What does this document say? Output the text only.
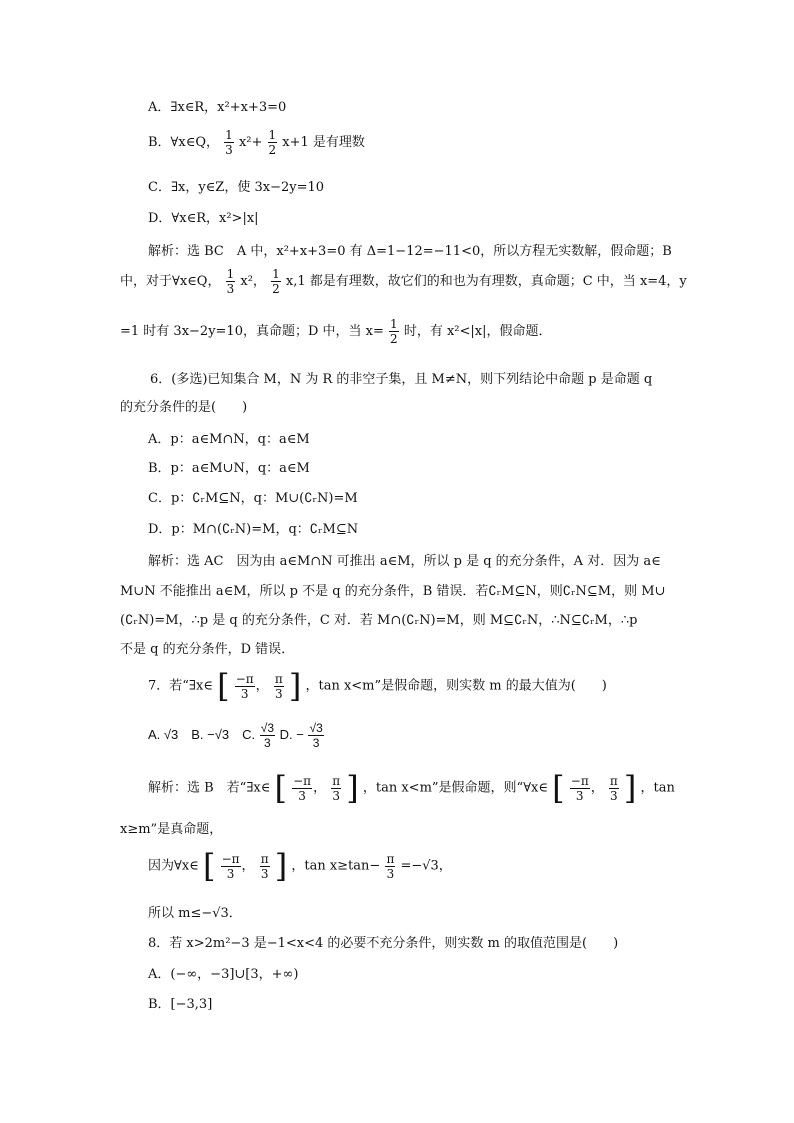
A．∃x∈R，x²+x+3=0
B．∀x∈Q， $\frac{1}{3} x^2+ \frac{1}{2} x+1$ 是有理数
C．∃x，y∈Z，使 3x−2y=10
D．∀x∈R，x²>|x|
解析：选 BC　A 中，x²+x+3=0 有 Δ=1−12=−11<0，所以方程无实数解，假命题；B
中，对于∀x∈Q， $\frac{1}{3} x^2$， $\frac{1}{2} x,1$ 都是有理数，故它们的和也为有理数，真命题；C 中，当 x=4，y
=1 时有 3x−2y=10，真命题；D 中，当 $x= \frac{1}{2}$ 时，有 x²<|x|，假命题．
6．(多选)已知集合 M，N 为 R 的非空子集，且 M≠N，则下列结论中命题 p 是命题 q
的充分条件的是(　　)
A．p：a∈M∩N，q：a∈M
B．p：a∈M∪N，q：a∈M
C．p：∁ᵣM⊆N，q：M∪(∁ᵣN)=M
D．p：M∩(∁ᵣN)=M，q：∁ᵣM⊆N
解析：选 AC　因为由 a∈M∩N 可推出 a∈M，所以 p 是 q 的充分条件，A 对．因为 a∈
M∪N 不能推出 a∈M，所以 p 不是 q 的充分条件，B 错误．若∁ᵣM⊆N，则∁ᵣN⊆M，则 M∪
(∁ᵣN)=M，∴p 是 q 的充分条件，C 对．若 M∩(∁ᵣN)=M，则 M⊆∁ᵣN，∴N⊆∁ᵣM，∴p
不是 q 的充分条件，D 错误．
7．若“∃x∈ [ $\frac{-\pi}{3}$ ， $\frac{\pi}{3}$ ] ，tan x<m”是假命题，则实数 m 的最大值为(　　)
A. √3　B. −√3　C. $\frac{√3}{3} D$. − $\frac{√3}{3}$
解析：选 B　若“∃x∈ [ $\frac{-\pi}{3}$ ， $\frac{\pi}{3}$ ] ，tan x<m”是假命题，则“∀x∈ [ $\frac{-\pi}{3}$ ， $\frac{\pi}{3}$ ] ，tan
x≥m”是真命题，
因为∀x∈ [ $\frac{-\pi}{3}$ ， $\frac{\pi}{3}$ ] ，$\tan x\ge\tan- \frac{\pi}{3} =-√3$，
所以 m≤−√3．
8．若 x>2m²−3 是−1<x<4 的必要不充分条件，则实数 m 的取值范围是(　　)
A．(−∞，−3]∪[3，+∞)
B．[−3,3]
